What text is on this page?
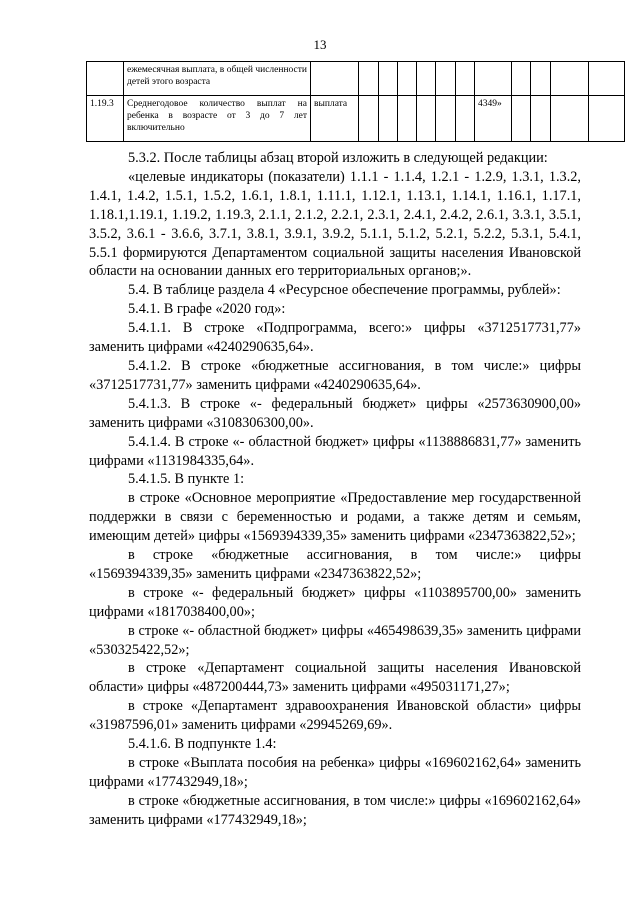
13
	ежемесячная выплата, в общей численности детей этого возраста												
1.19.3	Среднегодовое количество выплат на ребенка в возрасте от 3 до 7 лет включительно	выплата							4349»				

5.3.2. После таблицы абзац второй изложить в следующей редакции:

«целевые индикаторы (показатели) 1.1.1 - 1.1.4, 1.2.1 - 1.2.9, 1.3.1, 1.3.2, 1.4.1, 1.4.2, 1.5.1, 1.5.2, 1.6.1, 1.8.1, 1.11.1, 1.12.1, 1.13.1, 1.14.1, 1.16.1, 1.17.1, 1.18.1,1.19.1, 1.19.2, 1.19.3, 2.1.1, 2.1.2, 2.2.1, 2.3.1, 2.4.1, 2.4.2, 2.6.1, 3.3.1, 3.5.1, 3.5.2, 3.6.1 - 3.6.6, 3.7.1, 3.8.1, 3.9.1, 3.9.2, 5.1.1, 5.1.2, 5.2.1, 5.2.2, 5.3.1, 5.4.1, 5.5.1 формируются Департаментом социальной защиты населения Ивановской области на основании данных его территориальных органов;».

5.4. В таблице раздела 4 «Ресурсное обеспечение программы, рублей»:

5.4.1. В графе «2020 год»:

5.4.1.1. В строке «Подпрограмма, всего:» цифры «3712517731,77» заменить цифрами «4240290635,64».

5.4.1.2. В строке «бюджетные ассигнования, в том числе:» цифры «3712517731,77» заменить цифрами «4240290635,64».

5.4.1.3. В строке «- федеральный бюджет» цифры «2573630900,00» заменить цифрами «3108306300,00».

5.4.1.4. В строке «- областной бюджет» цифры «1138886831,77» заменить цифрами «1131984335,64».

5.4.1.5. В пункте 1:

в строке «Основное мероприятие «Предоставление мер государственной поддержки в связи с беременностью и родами, а также детям и семьям, имеющим детей» цифры «1569394339,35» заменить цифрами «2347363822,52»;

в строке «бюджетные ассигнования, в том числе:» цифры «1569394339,35» заменить цифрами «2347363822,52»;

в строке «- федеральный бюджет» цифры «1103895700,00» заменить цифрами «1817038400,00»;

в строке «- областной бюджет» цифры «465498639,35» заменить цифрами «530325422,52»;

в строке «Департамент социальной защиты населения Ивановской области» цифры «487200444,73» заменить цифрами «495031171,27»;

в строке «Департамент здравоохранения Ивановской области» цифры «31987596,01» заменить цифрами «29945269,69».

5.4.1.6. В подпункте 1.4:

в строке «Выплата пособия на ребенка» цифры «169602162,64» заменить цифрами «177432949,18»;

в строке «бюджетные ассигнования, в том числе:» цифры «169602162,64» заменить цифрами «177432949,18»;
